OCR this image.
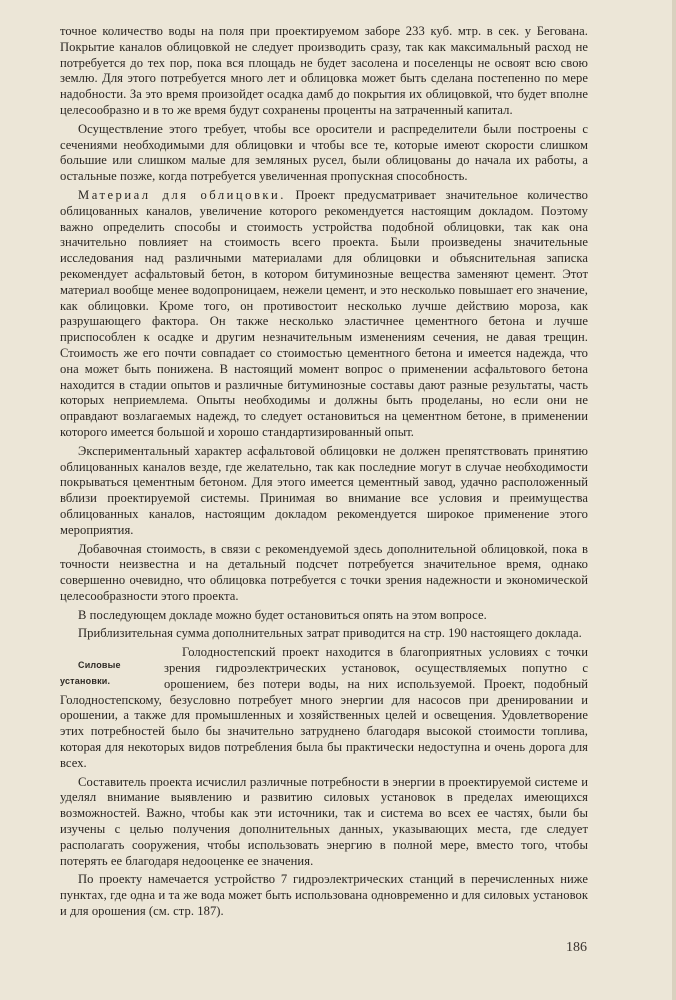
точное количество воды на поля при проектируемом заборе 233 куб. мтр. в сек. у Бегована. Покрытие каналов облицовкой не следует производить сразу, так как максимальный расход не потребуется до тех пор, пока вся площадь не будет засолена и поселенцы не освоят всю свою землю. Для этого потребуется много лет и облицовка может быть сделана постепенно по мере надобности. За это время произойдет осадка дамб до покрытия их облицовкой, что будет вполне целесообразно и в то же время будут сохранены проценты на затраченный капитал.

Осуществление этого требует, чтобы все оросители и распределители были построены с сечениями необходимыми для облицовки и чтобы все те, которые имеют скорости слишком большие или слишком малые для земляных русел, были облицованы до начала их работы, а остальные позже, когда потребуется увеличенная пропускная способность.

Материал для облицовки. Проект предусматривает значительное количество облицованных каналов, увеличение которого рекомендуется настоящим докладом. Поэтому важно определить способы и стоимость устройства подобной облицовки, так как она значительно повлияет на стоимость всего проекта. Были произведены значительные исследования над различными материалами для облицовки и объяснительная записка рекомендует асфальтовый бетон, в котором битуминозные вещества заменяют цемент. Этот материал вообще менее водопроницаем, нежели цемент, и это несколько повышает его значение, как облицовки. Кроме того, он противостоит несколько лучше действию мороза, как разрушающего фактора. Он также несколько эластичнее цементного бетона и лучше приспособлен к осадке и другим незначительным изменениям сечения, не давая трещин. Стоимость же его почти совпадает со стоимостью цементного бетона и имеется надежда, что она может быть понижена. В настоящий момент вопрос о применении асфальтового бетона находится в стадии опытов и различные битуминозные составы дают разные результаты, часть которых неприемлема. Опыты необходимы и должны быть проделаны, но если они не оправдают возлагаемых надежд, то следует остановиться на цементном бетоне, в применении которого имеется большой и хорошо стандартизированный опыт.

Экспериментальный характер асфальтовой облицовки не должен препятствовать принятию облицованных каналов везде, где желательно, так как последние могут в случае необходимости покрываться цементным бетоном. Для этого имеется цементный завод, удачно расположенный вблизи проектируемой системы. Принимая во внимание все условия и преимущества облицованных каналов, настоящим докладом рекомендуется широкое применение этого мероприятия.

Добавочная стоимость, в связи с рекомендуемой здесь дополнительной облицовкой, пока в точности неизвестна и на детальный подсчет потребуется значительное время, однако совершенно очевидно, что облицовка потребуется с точки зрения надежности и экономической целесообразности этого проекта.

В последующем докладе можно будет остановиться опять на этом вопросе.

Приблизительная сумма дополнительных затрат приводится на стр. 190 настоящего доклада.

Силовые установки.
Голодностепский проект находится в благоприятных условиях с точки зрения гидроэлектрических установок, осуществляемых попутно с орошением, без потери воды, на них используемой. Проект, подобный Голодностепскому, безусловно потребует много энергии для насосов при дренировании и орошении, а также для промышленных и хозяйственных целей и освещения. Удовлетворение этих потребностей было бы значительно затруднено благодаря высокой стоимости топлива, которая для некоторых видов потребления была бы практически недоступна и очень дорога для всех.

Составитель проекта исчислил различные потребности в энергии в проектируемой системе и уделял внимание выявлению и развитию силовых установок в пределах имеющихся возможностей. Важно, чтобы как эти источники, так и система во всех ее частях, были бы изучены с целью получения дополнительных данных, указывающих места, где следует располагать сооружения, чтобы использовать энергию в полной мере, вместо того, чтобы потерять ее благодаря недооценке ее значения.

По проекту намечается устройство 7 гидроэлектрических станций в перечисленных ниже пунктах, где одна и та же вода может быть использована одновременно и для силовых установок и для орошения (см. стр. 187).

186
